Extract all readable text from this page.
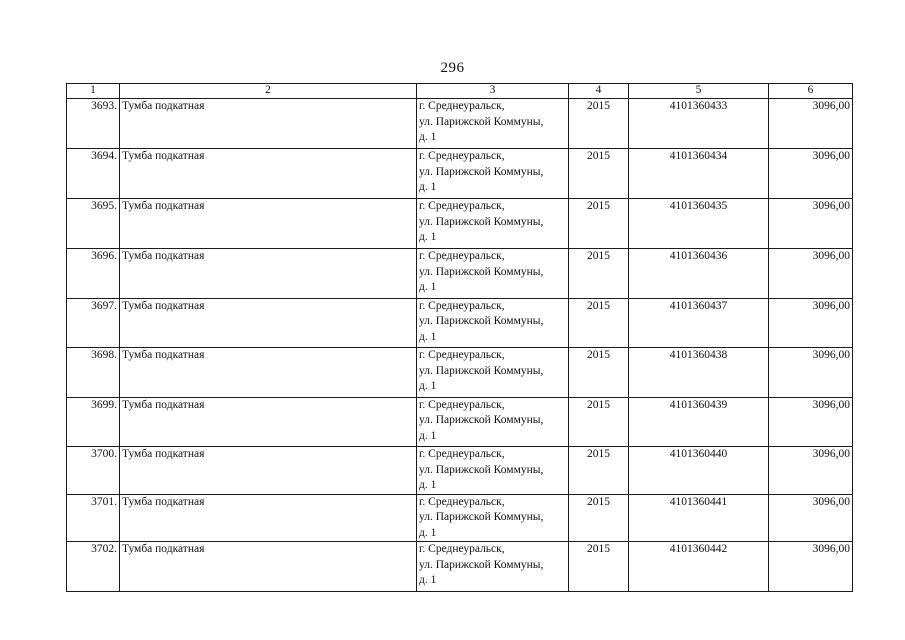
296
1	2	3	4	5	6
3693.	Тумба подкатная	г. Среднеуральск,
ул. Парижской Коммуны,
д. 1	2015	4101360433	3096,00
3694.	Тумба подкатная	г. Среднеуральск,
ул. Парижской Коммуны,
д. 1	2015	4101360434	3096,00
3695.	Тумба подкатная	г. Среднеуральск,
ул. Парижской Коммуны,
д. 1	2015	4101360435	3096,00
3696.	Тумба подкатная	г. Среднеуральск,
ул. Парижской Коммуны,
д. 1	2015	4101360436	3096,00
3697.	Тумба подкатная	г. Среднеуральск,
ул. Парижской Коммуны,
д. 1	2015	4101360437	3096,00
3698.	Тумба подкатная	г. Среднеуральск,
ул. Парижской Коммуны,
д. 1	2015	4101360438	3096,00
3699.	Тумба подкатная	г. Среднеуральск,
ул. Парижской Коммуны,
д. 1	2015	4101360439	3096,00
3700.	Тумба подкатная	г. Среднеуральск,
ул. Парижской Коммуны,
д. 1	2015	4101360440	3096,00
3701.	Тумба подкатная	г. Среднеуральск,
ул. Парижской Коммуны,
д. 1	2015	4101360441	3096,00
3702.	Тумба подкатная	г. Среднеуральск,
ул. Парижской Коммуны,
д. 1	2015	4101360442	3096,00
